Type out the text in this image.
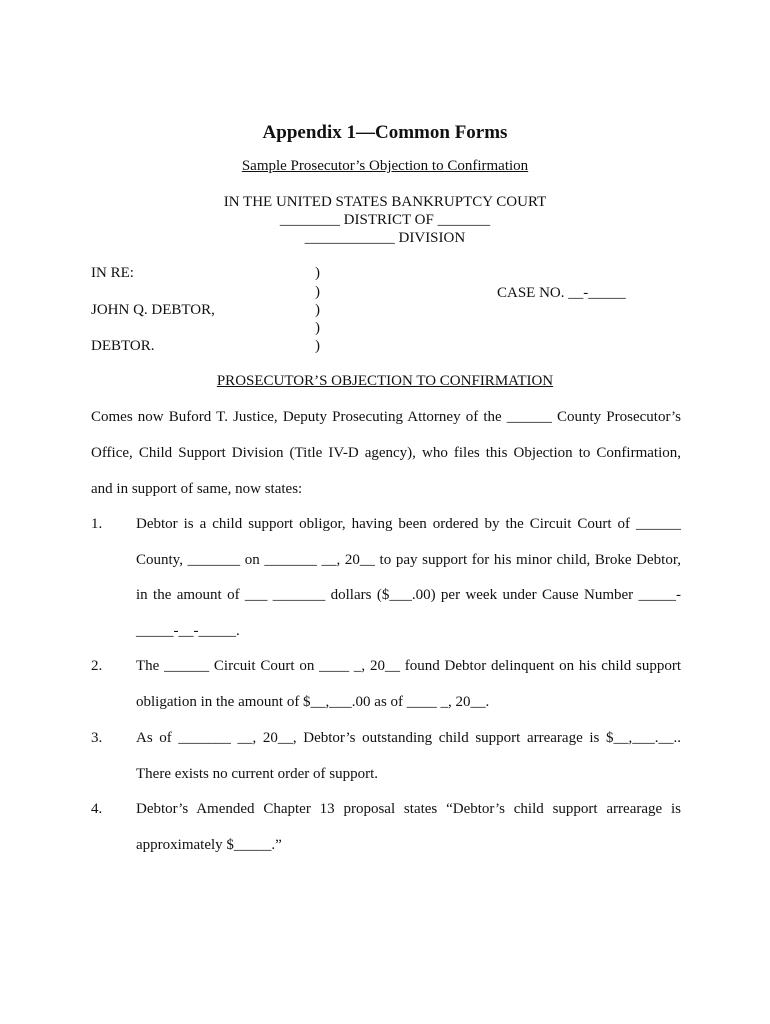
Appendix 1—Common Forms
Sample Prosecutor’s Objection to Confirmation
IN THE UNITED STATES BANKRUPTCY COURT
________ DISTRICT OF _______
____________ DIVISION
IN RE:
JOHN Q. DEBTOR,
DEBTOR.
CASE NO. __-_____
)
)
)
)
)
PROSECUTOR’S OBJECTION TO CONFIRMATION
Comes now Buford T. Justice, Deputy Prosecuting Attorney of the ______ County Prosecutor’s
Office, Child Support Division (Title IV-D agency), who files this Objection to Confirmation,
and in support of same, now states:
1. Debtor is a child support obligor, having been ordered by the Circuit Court of ______
County, _______ on _______ __, 20__ to pay support for his minor child, Broke Debtor,
in the amount of ___ _______ dollars ($___.00) per week under Cause Number _____-
_____-__-_____.
2. The ______ Circuit Court on ____ _, 20__ found Debtor delinquent on his child support
obligation in the amount of $__,___.00 as of ____ _, 20__.
3. As of _______ __, 20__, Debtor’s outstanding child support arrearage is $__,___.__..
There exists no current order of support.
4. Debtor’s Amended Chapter 13 proposal states “Debtor’s child support arrearage is
approximately $_____.”
